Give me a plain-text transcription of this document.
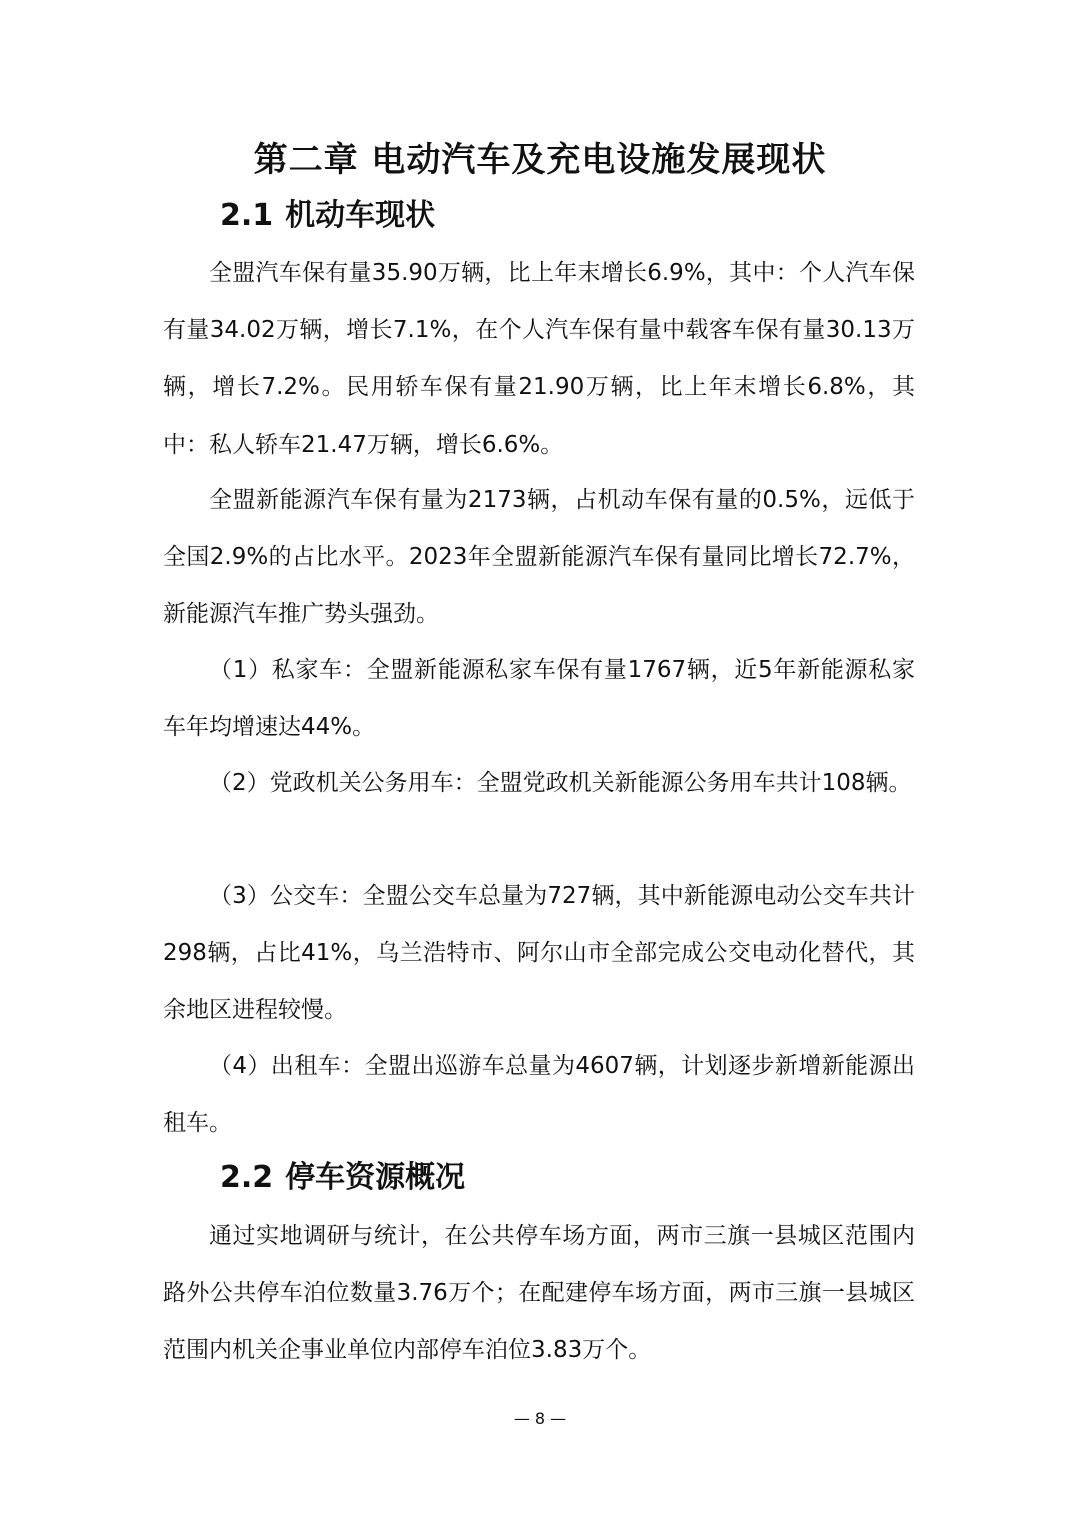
第二章 电动汽车及充电设施发展现状
2.1 机动车现状

全盟汽车保有量35.90万辆，比上年末增长6.9%，其中：个人汽车保有量34.02万辆，增长7.1%，在个人汽车保有量中载客车保有量30.13万辆，增长7.2%。民用轿车保有量21.90万辆，比上年末增长6.8%，其中：私人轿车21.47万辆，增长6.6%。

全盟新能源汽车保有量为2173辆，占机动车保有量的0.5%，远低于全国2.9%的占比水平。2023年全盟新能源汽车保有量同比增长72.7%，新能源汽车推广势头强劲。

（1）私家车：全盟新能源私家车保有量1767辆，近5年新能源私家车年均增速达44%。

（2）党政机关公务用车：全盟党政机关新能源公务用车共计108辆。

（3）公交车：全盟公交车总量为727辆，其中新能源电动公交车共计298辆，占比41%，乌兰浩特市、阿尔山市全部完成公交电动化替代，其余地区进程较慢。

（4）出租车：全盟出巡游车总量为4607辆，计划逐步新增新能源出租车。

2.2 停车资源概况

通过实地调研与统计，在公共停车场方面，两市三旗一县城区范围内路外公共停车泊位数量3.76万个；在配建停车场方面，两市三旗一县城区范围内机关企事业单位内部停车泊位3.83万个。

— 8 —
